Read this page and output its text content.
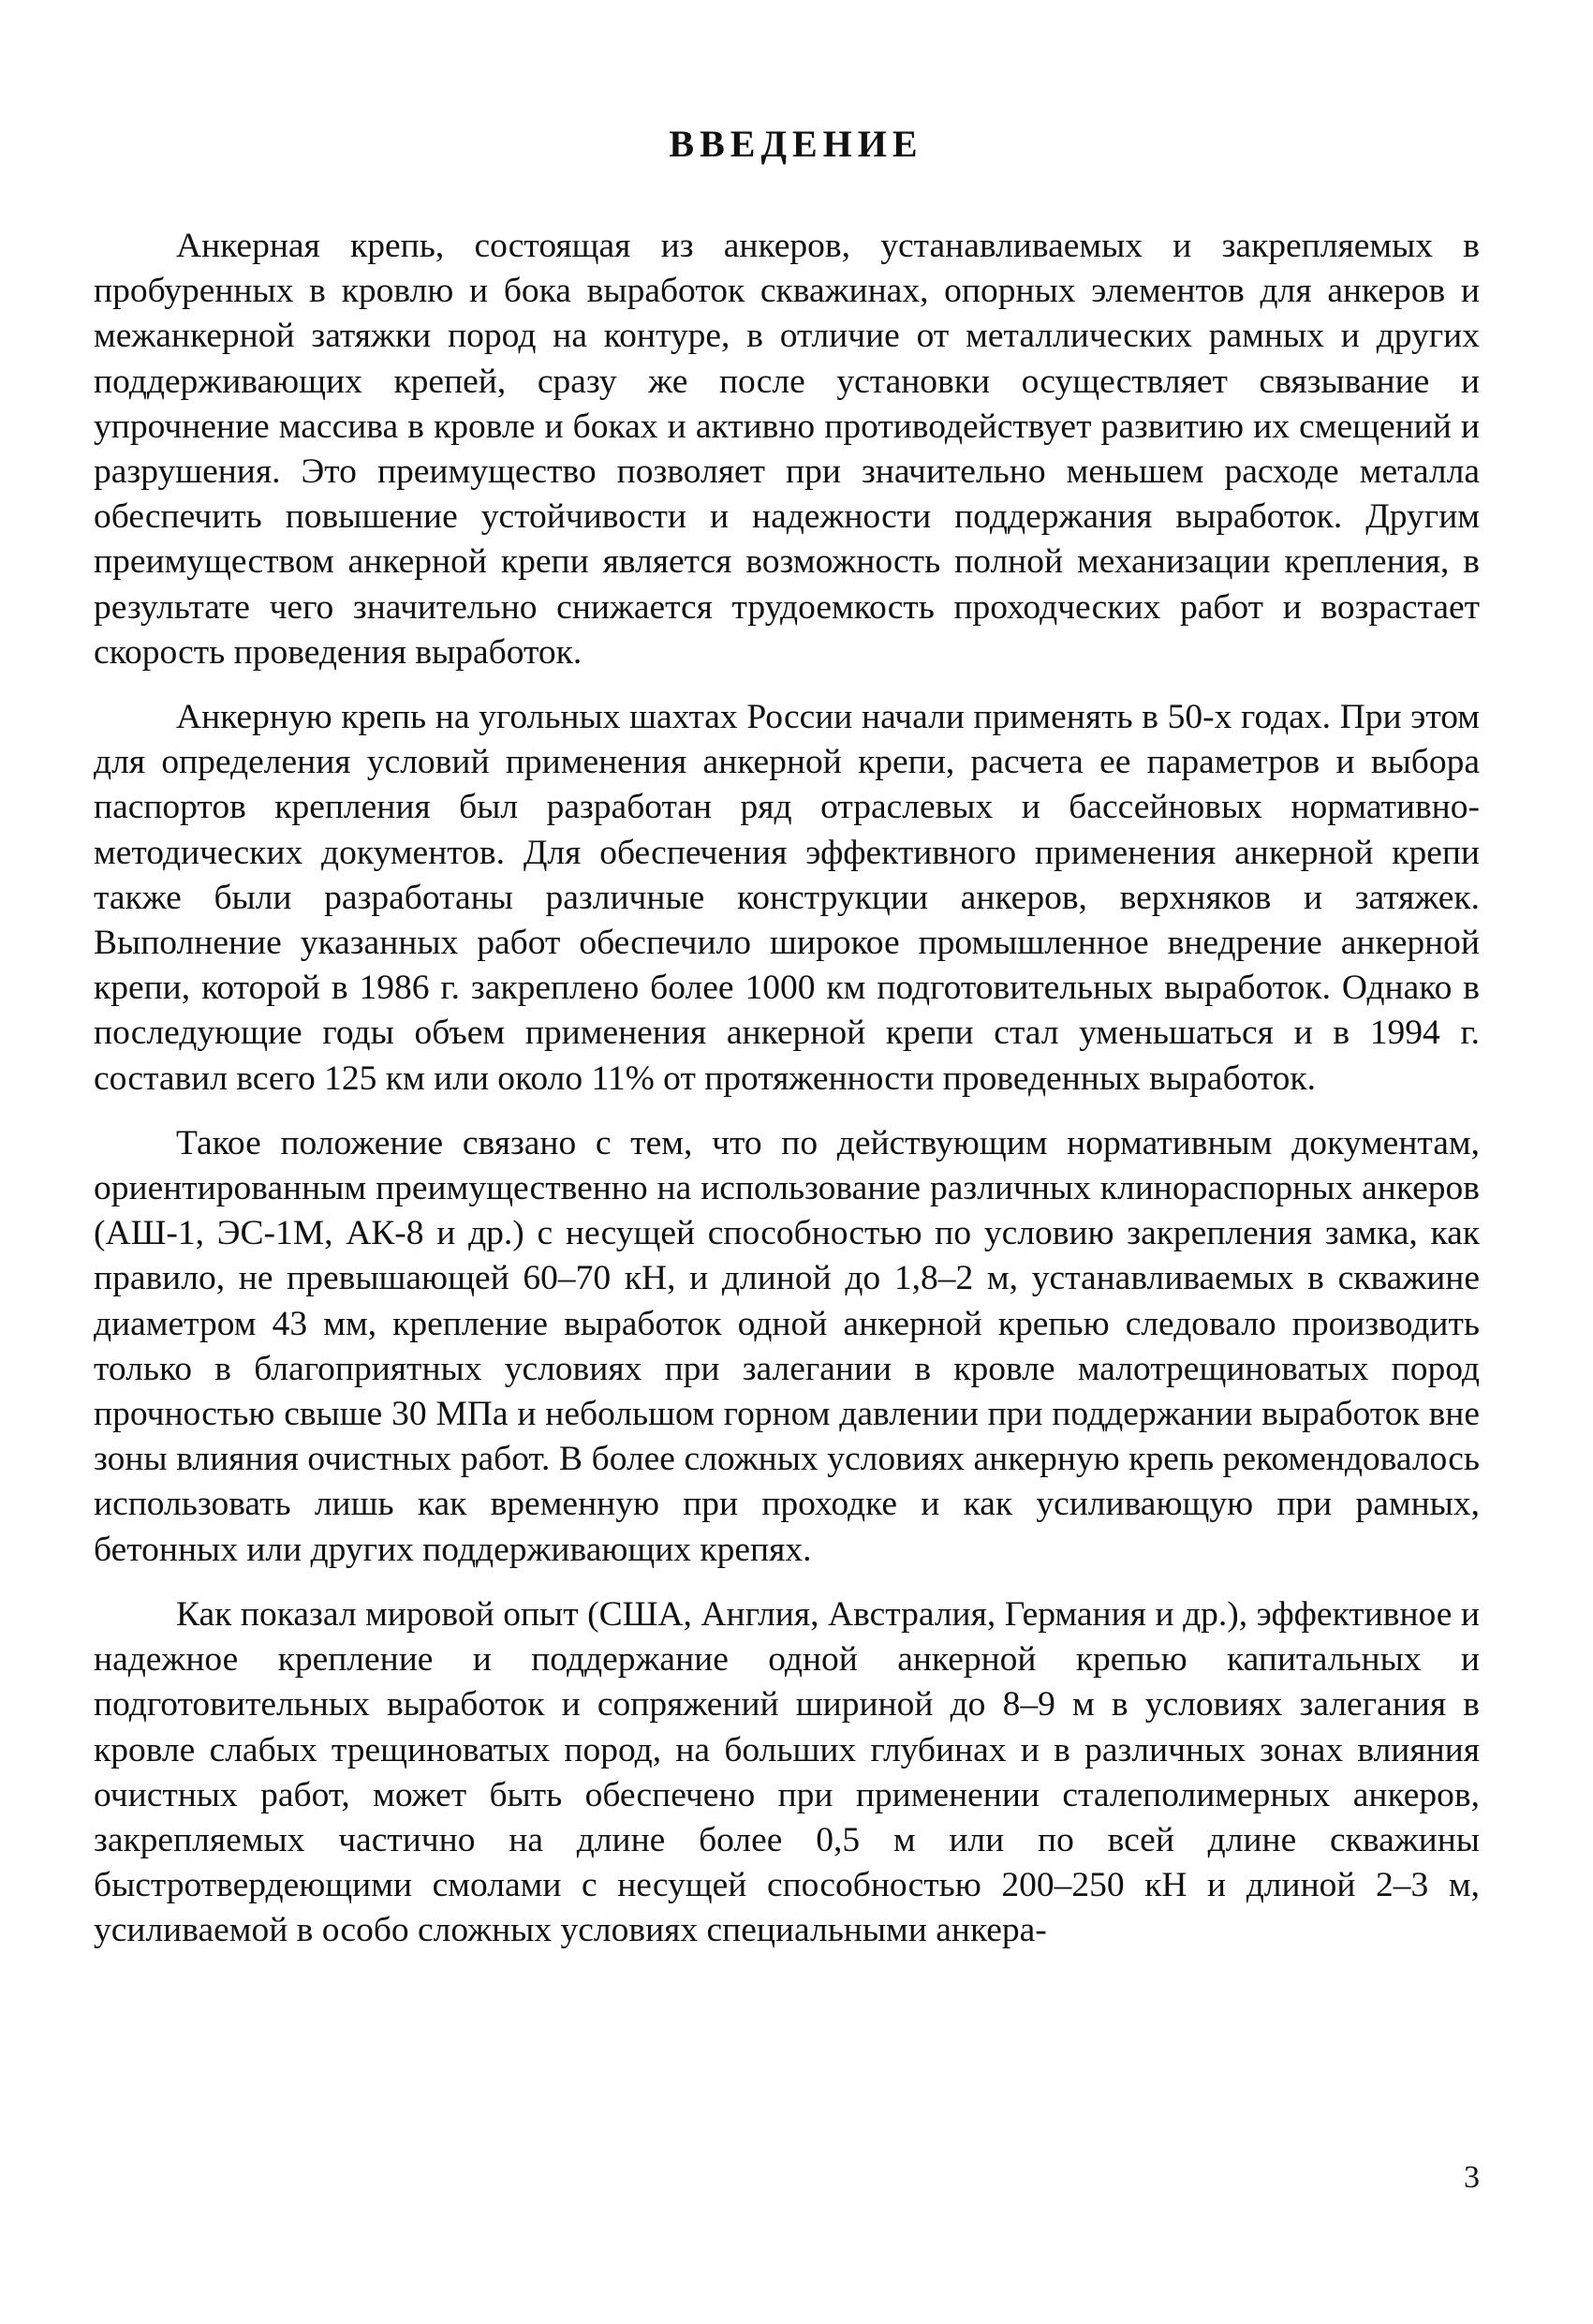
ВВЕДЕНИЕ

Анкерная крепь, состоящая из анкеров, устанавливаемых и закрепляемых в пробуренных в кровлю и бока выработок скважинах, опорных элементов для анкеров и межанкерной затяжки пород на контуре, в отличие от металлических рамных и других поддерживающих крепей, сразу же после установки осуществляет связывание и упрочнение массива в кровле и боках и активно противодействует развитию их смещений и разрушения. Это преимущество позволяет при значительно меньшем расходе металла обеспечить повышение устойчивости и надежности поддержания выработок. Другим преимуществом анкерной крепи является возможность полной механизации крепления, в результате чего значительно снижается трудоемкость проходческих работ и возрастает скорость проведения выработок.

Анкерную крепь на угольных шахтах России начали применять в 50-х годах. При этом для определения условий применения анкерной крепи, расчета ее параметров и выбора паспортов крепления был разработан ряд отраслевых и бассейновых нормативно-методических документов. Для обеспечения эффективного применения анкерной крепи также были разработаны различные конструкции анкеров, верхняков и затяжек. Выполнение указанных работ обеспечило широкое промышленное внедрение анкерной крепи, которой в 1986 г. закреплено более 1000 км подготовительных выработок. Однако в последующие годы объем применения анкерной крепи стал уменьшаться и в 1994 г. составил всего 125 км или около 11% от протяженности проведенных выработок.

Такое положение связано с тем, что по действующим нормативным документам, ориентированным преимущественно на использование различных клинораспорных анкеров (АШ-1, ЭС-1М, АК-8 и др.) с несущей способностью по условию закрепления замка, как правило, не превышающей 60–70 кН, и длиной до 1,8–2 м, устанавливаемых в скважине диаметром 43 мм, крепление выработок одной анкерной крепью следовало производить только в благоприятных условиях при залегании в кровле малотрещиноватых пород прочностью свыше 30 МПа и небольшом горном давлении при поддержании выработок вне зоны влияния очистных работ. В более сложных условиях анкерную крепь рекомендовалось использовать лишь как временную при проходке и как усиливающую при рамных, бетонных или других поддерживающих крепях.

Как показал мировой опыт (США, Англия, Австралия, Германия и др.), эффективное и надежное крепление и поддержание одной анкерной крепью капитальных и подготовительных выработок и сопряжений шириной до 8–9 м в условиях залегания в кровле слабых трещиноватых пород, на больших глубинах и в различных зонах влияния очистных работ, может быть обеспечено при применении сталеполимерных анкеров, закрепляемых частично на длине более 0,5 м или по всей длине скважины быстротвердеющими смолами с несущей способностью 200–250 кН и длиной 2–3 м, усиливаемой в особо сложных условиях специальными анкера-

3
